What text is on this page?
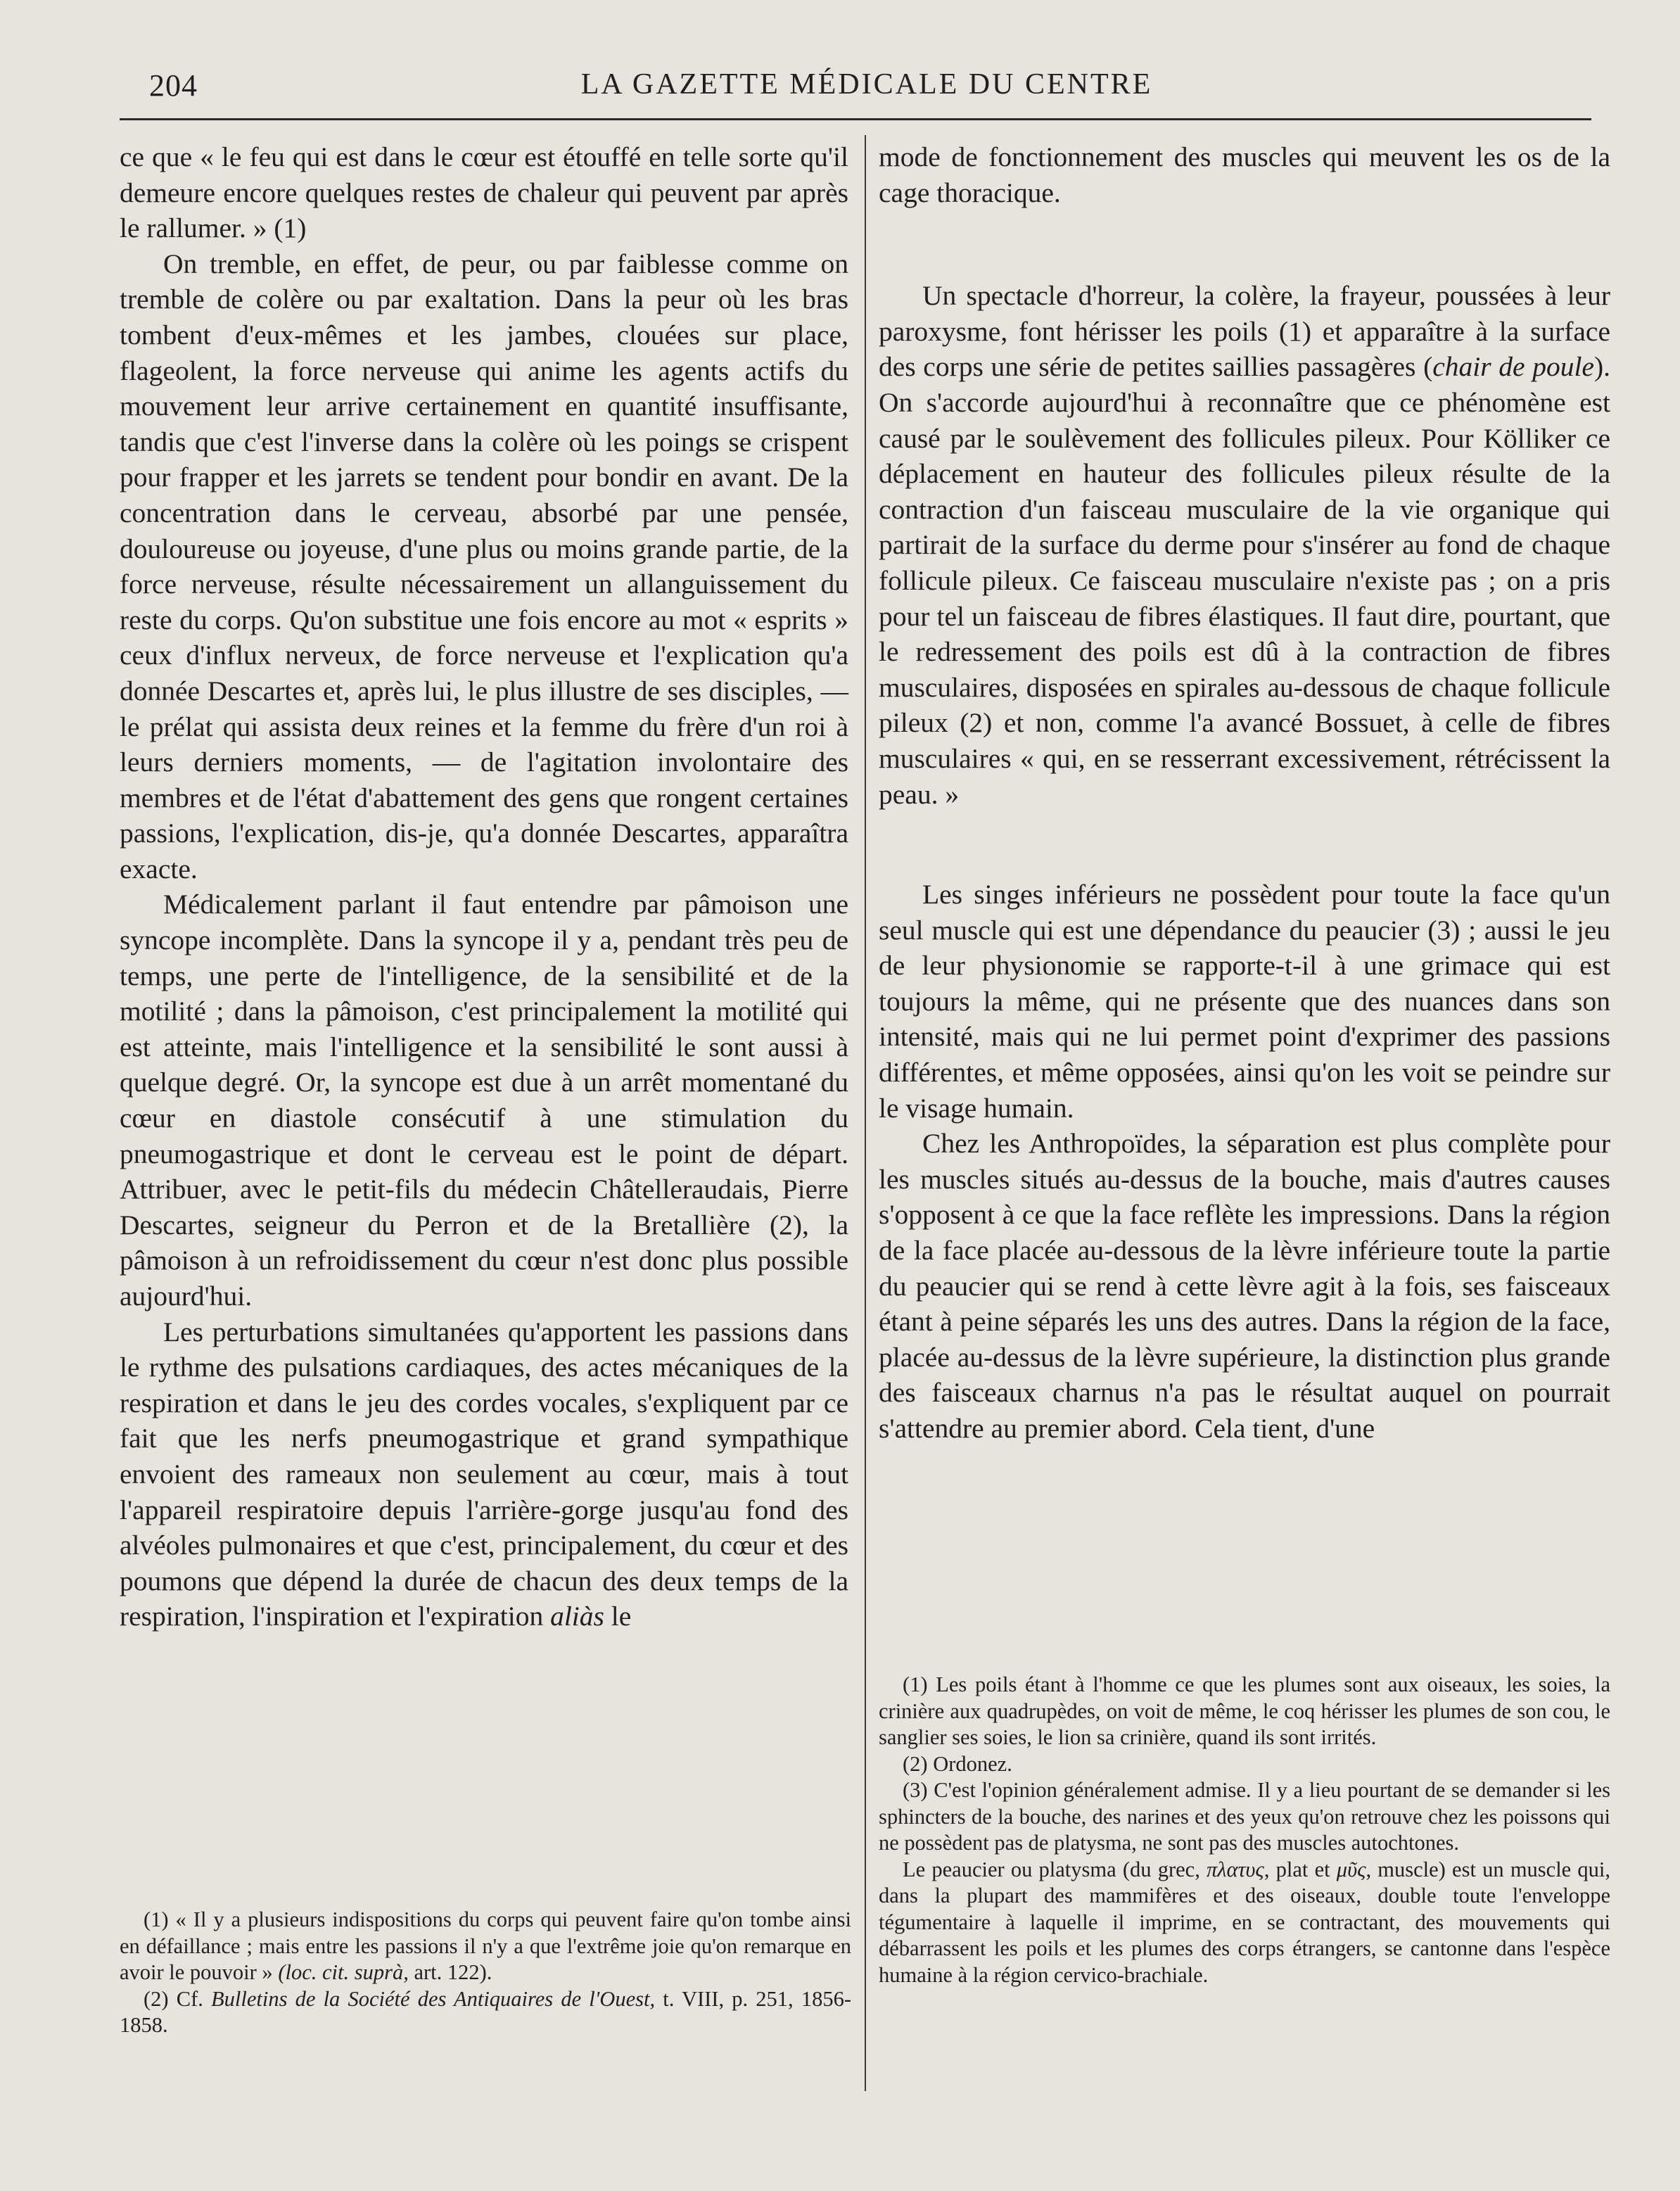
204	LA GAZETTE MÉDICALE DU CENTRE

ce que « le feu qui est dans le cœur est étouffé en telle sorte qu'il demeure encore quelques restes de chaleur qui peuvent par après le rallumer. » (1)

On tremble, en effet, de peur, ou par faiblesse comme on tremble de colère ou par exaltation. Dans la peur où les bras tombent d'eux-mêmes et les jambes, clouées sur place, flageolent, la force nerveuse qui anime les agents actifs du mouvement leur arrive certainement en quantité insuffisante, tandis que c'est l'inverse dans la colère où les poings se crispent pour frapper et les jarrets se tendent pour bondir en avant. De la concentration dans le cerveau, absorbé par une pensée, douloureuse ou joyeuse, d'une plus ou moins grande partie, de la force nerveuse, résulte nécessairement un allanguissement du reste du corps. Qu'on substitue une fois encore au mot « esprits » ceux d'influx nerveux, de force nerveuse et l'explication qu'a donnée Descartes et, après lui, le plus illustre de ses disciples, — le prélat qui assista deux reines et la femme du frère d'un roi à leurs derniers moments, — de l'agitation involontaire des membres et de l'état d'abattement des gens que rongent certaines passions, l'explication, dis-je, qu'a donnée Descartes, apparaîtra exacte.

Médicalement parlant il faut entendre par pâmoison une syncope incomplète. Dans la syncope il y a, pendant très peu de temps, une perte de l'intelligence, de la sensibilité et de la motilité ; dans la pâmoison, c'est principalement la motilité qui est atteinte, mais l'intelligence et la sensibilité le sont aussi à quelque degré. Or, la syncope est due à un arrêt momentané du cœur en diastole consécutif à une stimulation du pneumogastrique et dont le cerveau est le point de départ. Attribuer, avec le petit-fils du médecin Châtelleraudais, Pierre Descartes, seigneur du Perron et de la Bretallière (2), la pâmoison à un refroidissement du cœur n'est donc plus possible aujourd'hui.

Les perturbations simultanées qu'apportent les passions dans le rythme des pulsations cardiaques, des actes mécaniques de la respiration et dans le jeu des cordes vocales, s'expliquent par ce fait que les nerfs pneumogastrique et grand sympathique envoient des rameaux non seulement au cœur, mais à tout l'appareil respiratoire depuis l'arrière-gorge jusqu'au fond des alvéoles pulmonaires et que c'est, principalement, du cœur et des poumons que dépend la durée de chacun des deux temps de la respiration, l'inspiration et l'expiration aliàs le

(1) « Il y a plusieurs indispositions du corps qui peuvent faire qu'on tombe ainsi en défaillance ; mais entre les passions il n'y a que l'extrême joie qu'on remarque en avoir le pouvoir » (loc. cit. suprà, art. 122).

(2) Cf. Bulletins de la Société des Antiquaires de l'Ouest, t. VIII, p. 251, 1856-1858.

mode de fonctionnement des muscles qui meuvent les os de la cage thoracique.

Un spectacle d'horreur, la colère, la frayeur, poussées à leur paroxysme, font hérisser les poils (1) et apparaître à la surface des corps une série de petites saillies passagères (chair de poule). On s'accorde aujourd'hui à reconnaître que ce phénomène est causé par le soulèvement des follicules pileux. Pour Kölliker ce déplacement en hauteur des follicules pileux résulte de la contraction d'un faisceau musculaire de la vie organique qui partirait de la surface du derme pour s'insérer au fond de chaque follicule pileux. Ce faisceau musculaire n'existe pas ; on a pris pour tel un faisceau de fibres élastiques. Il faut dire, pourtant, que le redressement des poils est dû à la contraction de fibres musculaires, disposées en spirales au-dessous de chaque follicule pileux (2) et non, comme l'a avancé Bossuet, à celle de fibres musculaires « qui, en se resserrant excessivement, rétrécissent la peau. »

Les singes inférieurs ne possèdent pour toute la face qu'un seul muscle qui est une dépendance du peaucier (3) ; aussi le jeu de leur physionomie se rapporte-t-il à une grimace qui est toujours la même, qui ne présente que des nuances dans son intensité, mais qui ne lui permet point d'exprimer des passions différentes, et même opposées, ainsi qu'on les voit se peindre sur le visage humain.

Chez les Anthropoïdes, la séparation est plus complète pour les muscles situés au-dessus de la bouche, mais d'autres causes s'opposent à ce que la face reflète les impressions. Dans la région de la face placée au-dessous de la lèvre inférieure toute la partie du peaucier qui se rend à cette lèvre agit à la fois, ses faisceaux étant à peine séparés les uns des autres. Dans la région de la face, placée au-dessus de la lèvre supérieure, la distinction plus grande des faisceaux charnus n'a pas le résultat auquel on pourrait s'attendre au premier abord. Cela tient, d'une

(1) Les poils étant à l'homme ce que les plumes sont aux oiseaux, les soies, la crinière aux quadrupèdes, on voit de même, le coq hérisser les plumes de son cou, le sanglier ses soies, le lion sa crinière, quand ils sont irrités.

(2) Ordonez.

(3) C'est l'opinion généralement admise. Il y a lieu pourtant de se demander si les sphincters de la bouche, des narines et des yeux qu'on retrouve chez les poissons qui ne possèdent pas de platysma, ne sont pas des muscles autochtones.

Le peaucier ou platysma (du grec, πλατυς, plat et μῦς, muscle) est un muscle qui, dans la plupart des mammifères et des oiseaux, double toute l'enveloppe tégumentaire à laquelle il imprime, en se contractant, des mouvements qui débarrassent les poils et les plumes des corps étrangers, se cantonne dans l'espèce humaine à la région cervico-brachiale.
